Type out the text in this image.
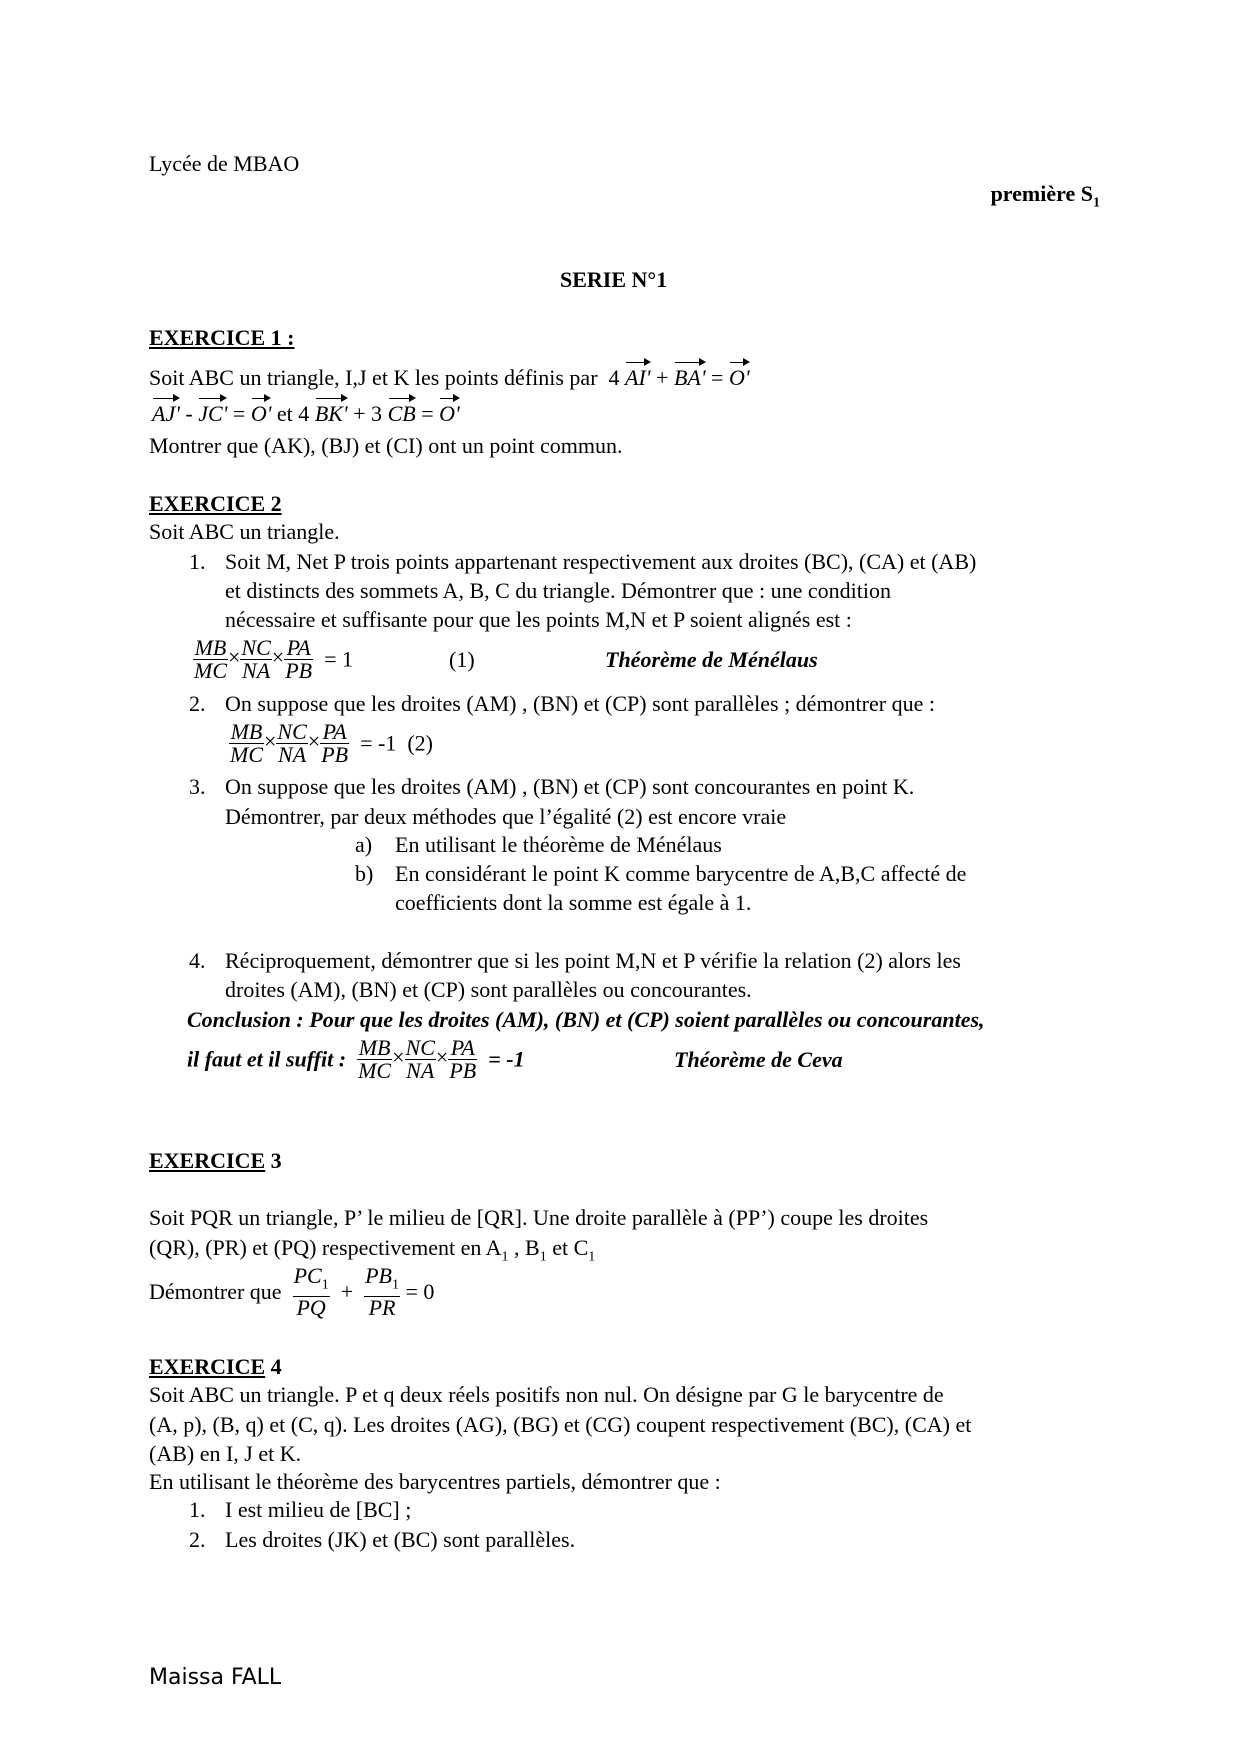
Lycée de MBAO
première $S_1$
SERIE N°1
EXERCICE 1 :
Soit ABC un triangle, I,J et K les points définis par 4 AI' + BA' = O'
AJ' - JC' = O' et 4 BK' + 3 CB = O'
Montrer que (AK), (BJ) et (CI) ont un point commun.
EXERCICE 2
Soit ABC un triangle.
1. Soit M, Net P trois points appartenant respectivement aux droites (BC), (CA) et (AB)
et distincts des sommets A, B, C du triangle. Démontrer que : une condition
nécessaire et suffisante pour que les points M,N et P soient alignés est :
$\frac{MB}{MC} \times \frac{NC}{NA} \times \frac{PA}{PB} = 1$	(1)	Théorème de Ménélaus
2. On suppose que les droites (AM) , (BN) et (CP) sont parallèles ; démontrer que :
$\frac{MB}{MC} \times \frac{NC}{NA} \times \frac{PA}{PB} = -1$ (2)
3. On suppose que les droites (AM) , (BN) et (CP) sont concourantes en point K.
Démontrer, par deux méthodes que l’égalité (2) est encore vraie
a) En utilisant le théorème de Ménélaus
b) En considérant le point K comme barycentre de A,B,C affecté de
coefficients dont la somme est égale à 1.
4. Réciproquement, démontrer que si les point M,N et P vérifie la relation (2) alors les
droites (AM), (BN) et (CP) sont parallèles ou concourantes.
Conclusion : Pour que les droites (AM), (BN) et (CP) soient parallèles ou concourantes,
il faut et il suffit : $\frac{MB}{MC} \times \frac{NC}{NA} \times \frac{PA}{PB} = -1$	Théorème de Ceva
EXERCICE 3
Soit PQR un triangle, P’ le milieu de [QR]. Une droite parallèle à (PP’) coupe les droites
(QR), (PR) et (PQ) respectivement en $A_1$ , $B_1$ et $C_1$
Démontrer que $\frac{PC_1}{PQ} + \frac{PB_1}{PR} = 0$
EXERCICE 4
Soit ABC un triangle. P et q deux réels positifs non nul. On désigne par G le barycentre de
(A, p), (B, q) et (C, q). Les droites (AG), (BG) et (CG) coupent respectivement (BC), (CA) et
(AB) en I, J et K.
En utilisant le théorème des barycentres partiels, démontrer que :
1. I est milieu de [BC] ;
2. Les droites (JK) et (BC) sont parallèles.
Maissa FALL
